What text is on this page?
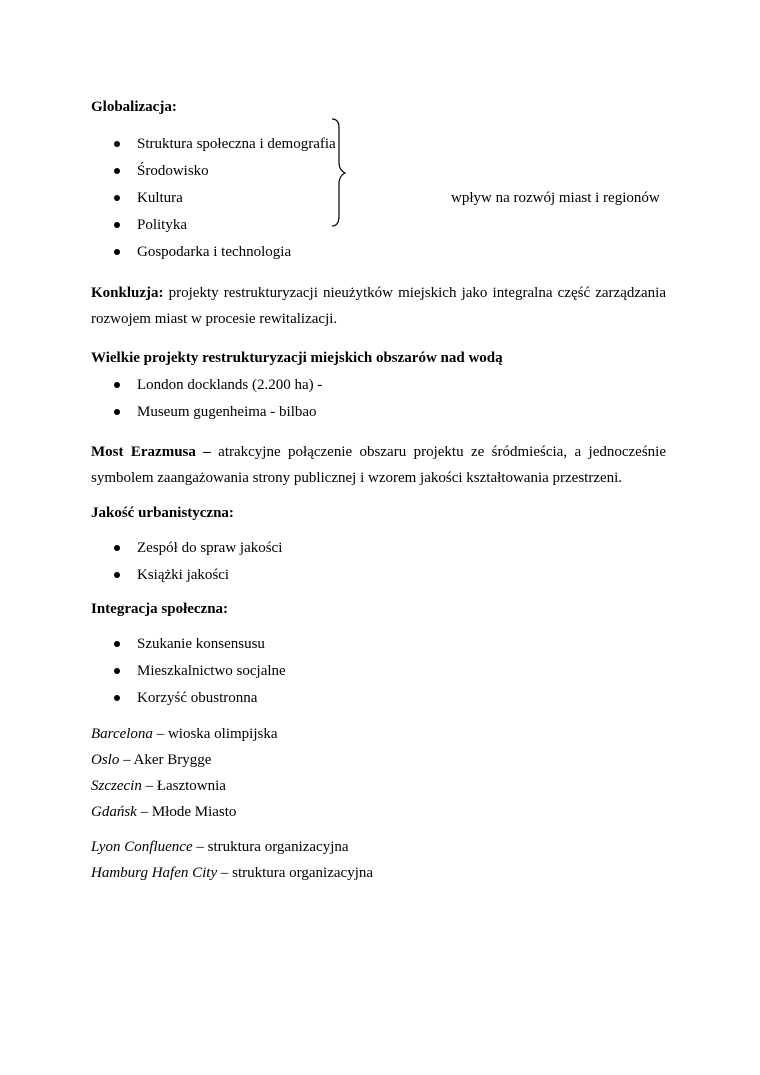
Globalizacja:
Struktura społeczna i demografia
Środowisko
Kultura
Polityka
Gospodarka i technologia
wpływ na rozwój miast i regionów
Konkluzja: projekty restrukturyzacji nieużytków miejskich jako integralna część zarządzania rozwojem miast w procesie rewitalizacji.
Wielkie projekty restrukturyzacji miejskich obszarów nad wodą
London docklands (2.200 ha) -
Museum gugenheima - bilbao
Most Erazmusa – atrakcyjne połączenie obszaru projektu ze śródmieścia, a jednocześnie symbolem zaangażowania strony publicznej i wzorem jakości kształtowania przestrzeni.
Jakość urbanistyczna:
Zespół do spraw jakości
Książki jakości
Integracja społeczna:
Szukanie konsensusu
Mieszkalnictwo socjalne
Korzyść obustronna
Barcelona – wioska olimpijska
Oslo – Aker Brygge
Szczecin – Łasztownia
Gdańsk – Młode Miasto
Lyon Confluence – struktura organizacyjna
Hamburg Hafen City – struktura organizacyjna
